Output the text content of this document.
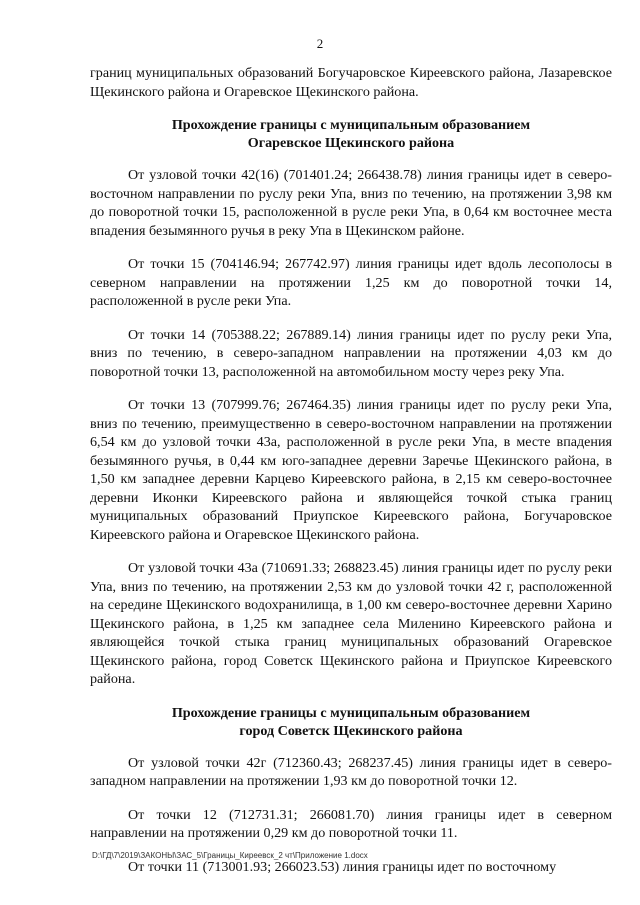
2

границ муниципальных образований Богучаровское Киреевского района, Лазаревское Щекинского района и Огаревское Щекинского района.

Прохождение границы с муниципальным образованием
Огаревское Щекинского района

От узловой точки 42(16) (701401.24; 266438.78) линия границы идет в северо-восточном направлении по руслу реки Упа, вниз по течению, на протяжении 3,98 км до поворотной точки 15, расположенной в русле реки Упа, в 0,64 км восточнее места впадения безымянного ручья в реку Упа в Щекинском районе.

От точки 15 (704146.94; 267742.97) линия границы идет вдоль лесополосы в северном направлении на протяжении 1,25 км до поворотной точки 14, расположенной в русле реки Упа.

От точки 14 (705388.22; 267889.14) линия границы идет по руслу реки Упа, вниз по течению, в северо-западном направлении на протяжении 4,03 км до поворотной точки 13, расположенной на автомобильном мосту через реку Упа.

От точки 13 (707999.76; 267464.35) линия границы идет по руслу реки Упа, вниз по течению, преимущественно в северо-восточном направлении на протяжении 6,54 км до узловой точки 43а, расположенной в русле реки Упа, в месте впадения безымянного ручья, в 0,44 км юго-западнее деревни Заречье Щекинского района, в 1,50 км западнее деревни Карцево Киреевского района, в 2,15 км северо-восточнее деревни Иконки Киреевского района и являющейся точкой стыка границ муниципальных образований Приупское Киреевского района, Богучаровское Киреевского района и Огаревское Щекинского района.

От узловой точки 43а (710691.33; 268823.45) линия границы идет по руслу реки Упа, вниз по течению, на протяжении 2,53 км до узловой точки 42 г, расположенной на середине Щекинского водохранилища, в 1,00 км северо-восточнее деревни Харино Щекинского района, в 1,25 км западнее села Миленино Киреевского района и являющейся точкой стыка границ муниципальных образований Огаревское Щекинского района, город Советск Щекинского района и Приупское Киреевского района.

Прохождение границы с муниципальным образованием
город Советск Щекинского района

От узловой точки 42г (712360.43; 268237.45) линия границы идет в северо-западном направлении на протяжении 1,93 км до поворотной точки 12.

От точки 12 (712731.31; 266081.70) линия границы идет в северном направлении на протяжении 0,29 км до поворотной точки 11.

От точки 11 (713001.93; 266023.53) линия границы идет по восточному

D:\ГД\7\2019\ЗАКОНЫ\ЗАС_5\Границы_Киреевск_2 чт\Приложение 1.docx
